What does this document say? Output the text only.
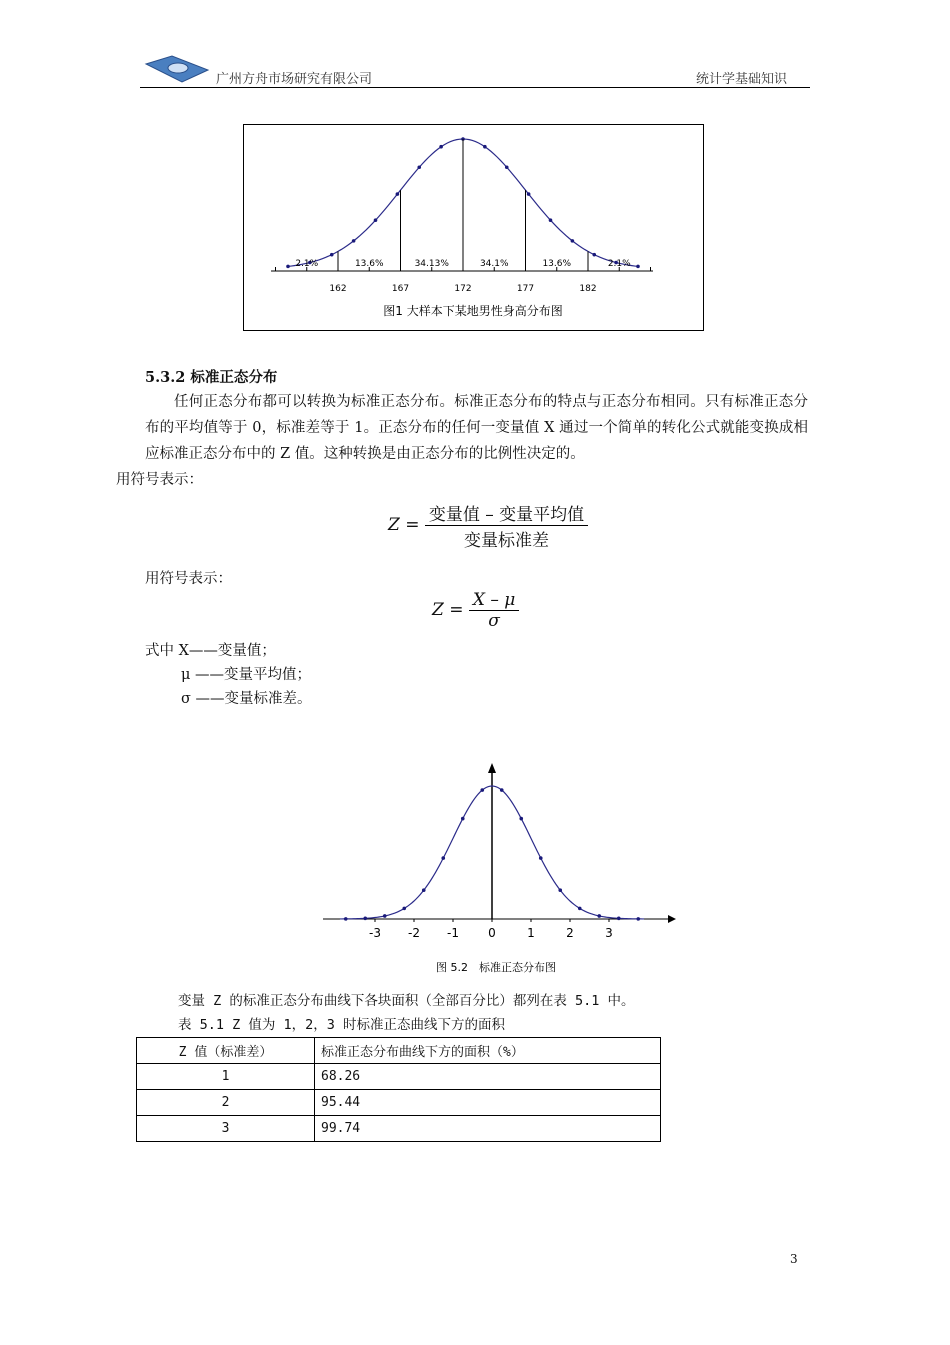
广州方舟市场研究有限公司	统计学基础知识
162	167	172	177	182
2.1%	13.6%	34.13%	34.1%	13.6%	2.1%
图1 大样本下某地男性身高分布图
5.3.2 标准正态分布
任何正态分布都可以转换为标准正态分布。标准正态分布的特点与正态分布相同。只有标准正态分布的平均值等于 0，标准差等于 1。正态分布的任何一变量值 X 通过一个简单的转化公式就能变换成相应标准正态分布中的 Z 值。这种转换是由正态分布的比例性决定的。
用符号表示：
$Z = \frac{\text{变量值 – 变量平均值}}{\text{变量标准差}}$
用符号表示：
$Z = \frac{X - \mu}{\sigma}$
式中 X——变量值；
μ ——变量平均值；
σ ——变量标准差。
-3 -2 -1 0	1	2	3
图 5.2　标准正态分布图
变量 Z 的标准正态分布曲线下各块面积（全部百分比）都列在表 5.1 中。
表 5.1 Z 值为 1，2，3 时标准正态曲线下方的面积
Z 值（标准差）	标准正态分布曲线下方的面积（%）
1	68.26
2	95.44
3	99.74
3
